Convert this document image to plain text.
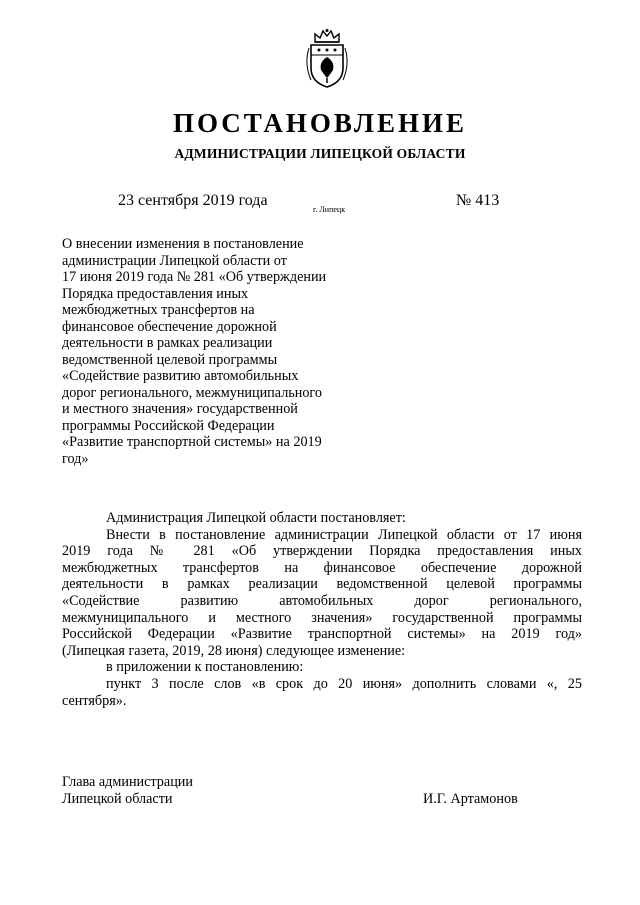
ПОСТАНОВЛЕНИЕ
АДМИНИСТРАЦИИ ЛИПЕЦКОЙ ОБЛАСТИ
23 сентября 2019 года
г. Липецк
№ 413
О внесении изменения в постановление
администрации Липецкой области от
17 июня 2019 года № 281 «Об утверждении
Порядка предоставления иных
межбюджетных трансфертов на
финансовое обеспечение дорожной
деятельности в рамках реализации
ведомственной целевой программы
«Содействие развитию автомобильных
дорог регионального, межмуниципального
и местного значения» государственной
программы Российской Федерации
«Развитие транспортной системы» на 2019
год»
Администрация Липецкой области постановляет:
Внести в постановление администрации Липецкой области от 17 июня
2019 года № 281 «Об утверждении Порядка предоставления иных
межбюджетных трансфертов на финансовое обеспечение дорожной
деятельности в рамках реализации ведомственной целевой программы
«Содействие развитию автомобильных дорог регионального,
межмуниципального и местного значения» государственной программы
Российской Федерации «Развитие транспортной системы» на 2019 год»
(Липецкая газета, 2019, 28 июня) следующее изменение:
в приложении к постановлению:
пункт 3 после слов «в срок до 20 июня» дополнить словами «, 25
сентября».
Глава администрации
Липецкой области	И.Г. Артамонов
